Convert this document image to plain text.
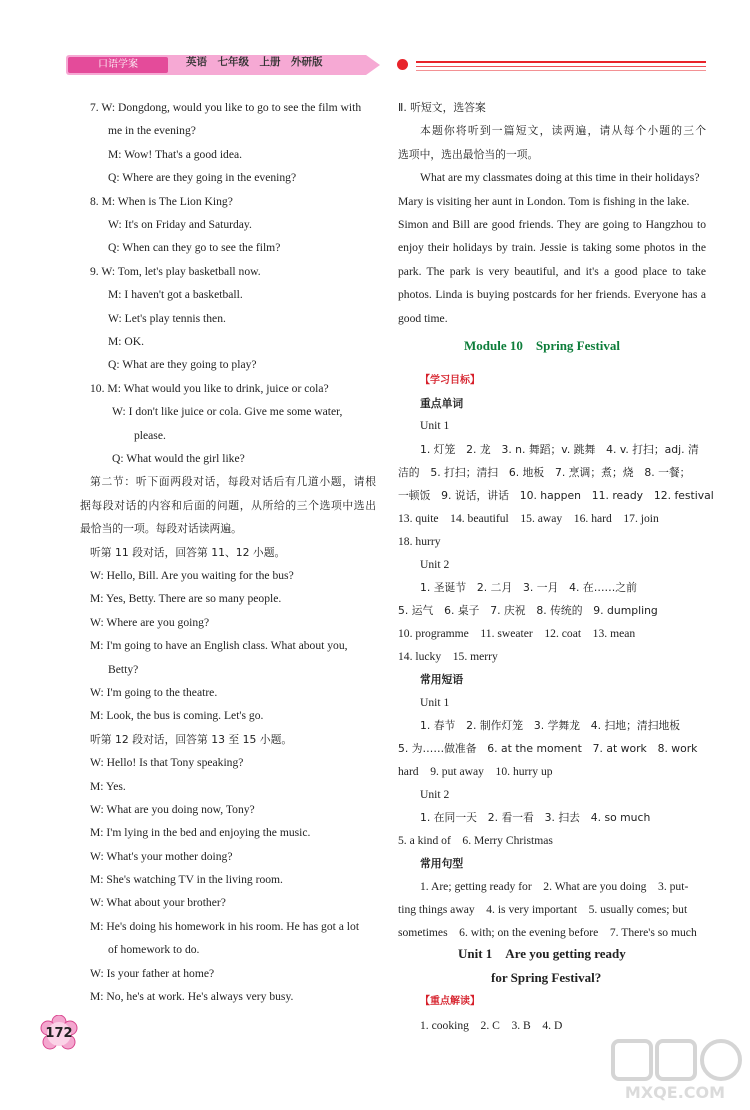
口语学案	英语　七年级　上册　外研版
7. W: Dongdong, would you like to go to see the film with
me in the evening?
M: Wow! That's a good idea.
Q: Where are they going in the evening?
8. M: When is The Lion King?
W: It's on Friday and Saturday.
Q: When can they go to see the film?
9. W: Tom, let's play basketball now.
M: I haven't got a basketball.
W: Let's play tennis then.
M: OK.
Q: What are they going to play?
10. M: What would you like to drink, juice or cola?
W: I don't like juice or cola. Give me some water,
please.
Q: What would the girl like?
第二节：听下面两段对话，每段对话后有几道小题，请根
据每段对话的内容和后面的问题，从所给的三个选项中选出
最恰当的一项。每段对话读两遍。
听第 11 段对话，回答第 11、12 小题。
W: Hello, Bill. Are you waiting for the bus?
M: Yes, Betty. There are so many people.
W: Where are you going?
M: I'm going to have an English class. What about you,
Betty?
W: I'm going to the theatre.
M: Look, the bus is coming. Let's go.
听第 12 段对话，回答第 13 至 15 小题。
W: Hello! Is that Tony speaking?
M: Yes.
W: What are you doing now, Tony?
M: I'm lying in the bed and enjoying the music.
W: What's your mother doing?
M: She's watching TV in the living room.
W: What about your brother?
M: He's doing his homework in his room. He has got a lot
of homework to do.
W: Is your father at home?
M: No, he's at work. He's always very busy.
Ⅱ. 听短文，选答案
本题你将听到一篇短文，读两遍，请从每个小题的三个
选项中，选出最恰当的一项。
What are my classmates doing at this time in their holidays?
Mary is visiting her aunt in London. Tom is fishing in the lake.
Simon and Bill are good friends. They are going to Hangzhou to
enjoy their holidays by train. Jessie is taking some photos in the
park. The park is very beautiful, and it's a good place to take
photos. Linda is buying postcards for her friends. Everyone has a
good time.
Module 10　Spring Festival
【学习目标】
重点单词
Unit 1
1. 灯笼　2. 龙　3. n. 舞蹈；v. 跳舞　4. v. 打扫；adj. 清
洁的　5. 打扫；清扫　6. 地板　7. 烹调；煮；烧　8. 一餐；
一顿饭　9. 说话，讲话　10. happen　11. ready　12. festival
13. quite　14. beautiful　15. away　16. hard　17. join
18. hurry
Unit 2
1. 圣诞节　2. 二月　3. 一月　4. 在……之前
5. 运气　6. 桌子　7. 庆祝　8. 传统的　9. dumpling
10. programme　11. sweater　12. coat　13. mean
14. lucky　15. merry
常用短语
Unit 1
1. 春节　2. 制作灯笼　3. 学舞龙　4. 扫地；清扫地板
5. 为……做准备　6. at the moment　7. at work　8. work
hard　9. put away　10. hurry up
Unit 2
1. 在同一天　2. 看一看　3. 扫去　4. so much
5. a kind of　6. Merry Christmas
常用句型
1. Are; getting ready for　2. What are you doing　3. put-
ting things away　4. is very important　5. usually comes; but
sometimes　6. with; on the evening before　7. There's so much
Unit 1　Are you getting ready
for Spring Festival?
【重点解读】
1. cooking　2. C　3. B　4. D
172
MXQE.COM
